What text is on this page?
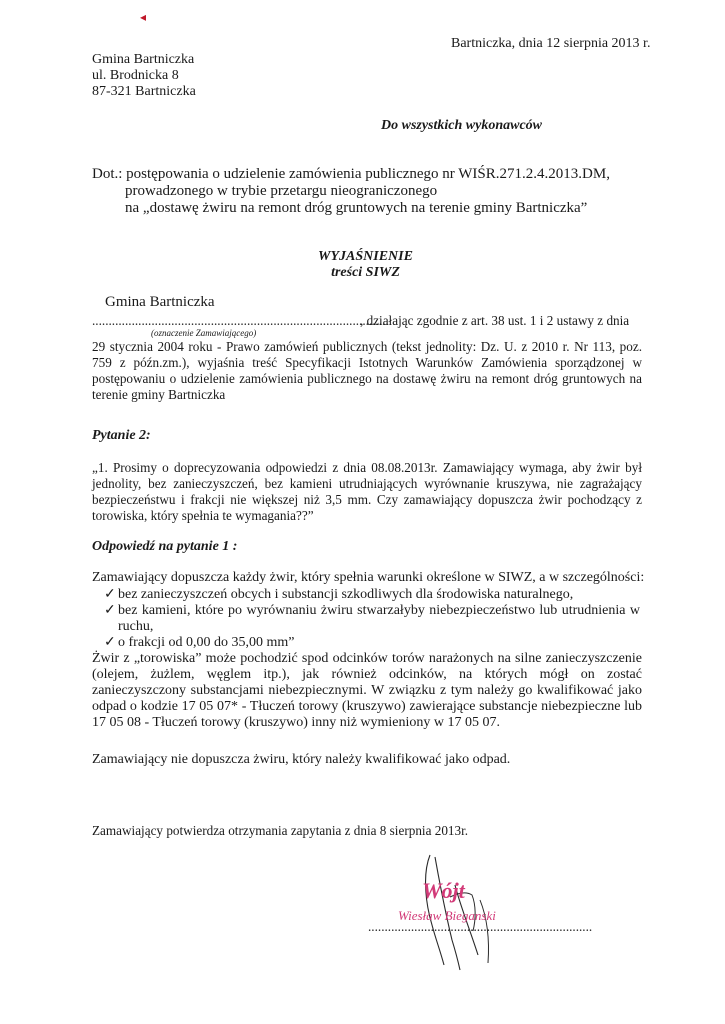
◂
Bartniczka, dnia 12 sierpnia 2013 r.
Gmina Bartniczka
ul. Brodnicka 8
87-321 Bartniczka
Do wszystkich wykonawców
Dot.: postępowania o udzielenie zamówienia publicznego nr WIŚR.271.2.4.2013.DM,
prowadzonego w trybie przetargu nieograniczonego
na „dostawę żwiru na remont dróg gruntowych na terenie gminy Bartniczka”
WYJAŚNIENIE
treści SIWZ
Gmina Bartniczka
..........................................................................................
, działając zgodnie z art. 38 ust. 1 i 2 ustawy z dnia
(oznaczenie Zamawiającego)
29 stycznia 2004 roku - Prawo zamówień publicznych (tekst jednolity: Dz. U. z 2010 r. Nr 113, poz. 759 z późn.zm.), wyjaśnia treść Specyfikacji Istotnych Warunków Zamówienia sporządzonej w postępowaniu o udzielenie zamówienia publicznego na dostawę żwiru na remont dróg gruntowych na terenie gminy Bartniczka
Pytanie 2:
„1. Prosimy o doprecyzowania odpowiedzi z dnia 08.08.2013r. Zamawiający wymaga, aby żwir był jednolity, bez zanieczyszczeń, bez kamieni utrudniających wyrównanie kruszywa, nie zagrażający bezpieczeństwu i frakcji nie większej niż 3,5 mm. Czy zamawiający dopuszcza żwir pochodzący z torowiska, który spełnia te wymagania??”
Odpowiedź na pytanie 1 :
Zamawiający dopuszcza każdy żwir, który spełnia warunki określone w SIWZ, a w szczególności:
✓ bez zanieczyszczeń obcych i substancji szkodliwych dla środowiska naturalnego,
✓ bez kamieni, które po wyrównaniu żwiru stwarzałyby niebezpieczeństwo lub utrudnienia w ruchu,
✓ o frakcji od 0,00 do 35,00 mm”
Żwir z „torowiska” może pochodzić spod odcinków torów narażonych na silne zanieczyszczenie (olejem, żużlem, węglem itp.), jak również odcinków, na których mógł on zostać zanieczyszczony substancjami niebezpiecznymi. W związku z tym należy go kwalifikować jako odpad o kodzie 17 05 07* - Tłuczeń torowy (kruszywo) zawierające substancje niebezpieczne lub 17 05 08 - Tłuczeń torowy (kruszywo) inny niż wymieniony w 17 05 07.
Zamawiający nie dopuszcza żwiru, który należy kwalifikować jako odpad.
Zamawiający potwierdza otrzymania zapytania z dnia 8 sierpnia 2013r.
Wójt
Wiesław Bieganski
....................................................................
